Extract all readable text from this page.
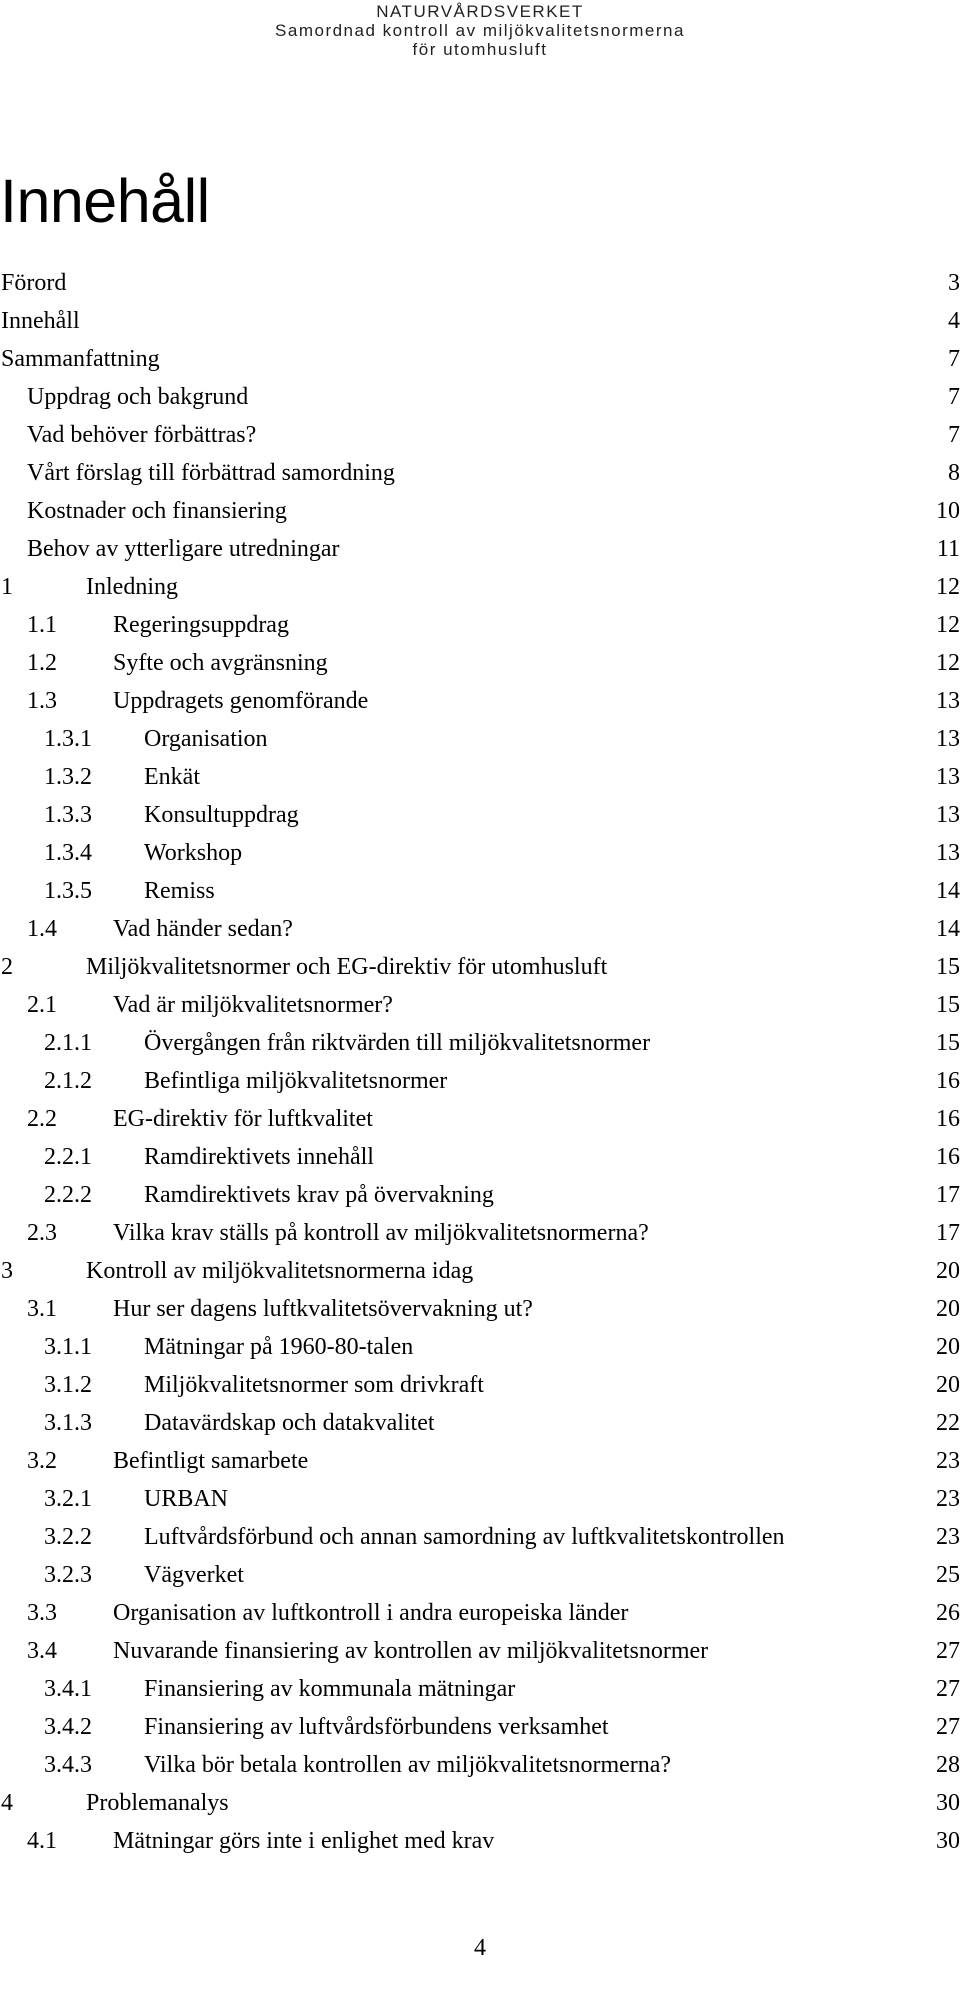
NATURVÅRDSVERKET
Samordnad kontroll av miljökvalitetsnormerna
för utomhusluft
Innehåll
Förord	3
Innehåll	4
Sammanfattning	7
Uppdrag och bakgrund	7
Vad behöver förbättras?	7
Vårt förslag till förbättrad samordning	8
Kostnader och finansiering	10
Behov av ytterligare utredningar	11
1	Inledning	12
1.1 Regeringsuppdrag	12
1.2 Syfte och avgränsning	12
1.3 Uppdragets genomförande	13
1.3.1 Organisation	13
1.3.2 Enkät	13
1.3.3 Konsultuppdrag	13
1.3.4 Workshop	13
1.3.5 Remiss	14
1.4 Vad händer sedan?	14
2	Miljökvalitetsnormer och EG-direktiv för utomhusluft	15
2.1 Vad är miljökvalitetsnormer?	15
2.1.1 Övergången från riktvärden till miljökvalitetsnormer	15
2.1.2 Befintliga miljökvalitetsnormer	16
2.2 EG-direktiv för luftkvalitet	16
2.2.1 Ramdirektivets innehåll	16
2.2.2 Ramdirektivets krav på övervakning	17
2.3 Vilka krav ställs på kontroll av miljökvalitetsnormerna?	17
3	Kontroll av miljökvalitetsnormerna idag	20
3.1 Hur ser dagens luftkvalitetsövervakning ut?	20
3.1.1 Mätningar på 1960-80-talen	20
3.1.2 Miljökvalitetsnormer som drivkraft	20
3.1.3 Datavärdskap och datakvalitet	22
3.2 Befintligt samarbete	23
3.2.1 URBAN	23
3.2.2 Luftvårdsförbund och annan samordning av luftkvalitetskontrollen	23
3.2.3 Vägverket	25
3.3 Organisation av luftkontroll i andra europeiska länder	26
3.4 Nuvarande finansiering av kontrollen av miljökvalitetsnormer	27
3.4.1 Finansiering av kommunala mätningar	27
3.4.2 Finansiering av luftvårdsförbundens verksamhet	27
3.4.3 Vilka bör betala kontrollen av miljökvalitetsnormerna?	28
4	Problemanalys	30
4.1 Mätningar görs inte i enlighet med krav	30
4
